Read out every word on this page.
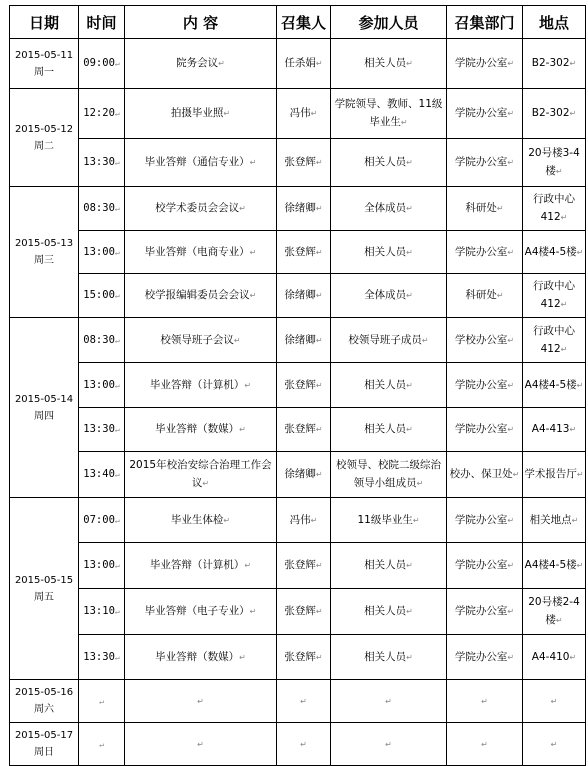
日期	时间	内 容	召集人	参加人员	召集部门	地点

2015-05-11
周一	09:00↵	院务会议↵	任杀娟↵	相关人员↵	学院办公室↵	B2-302↵

2015-05-12
周二	12:20↵	拍摄毕业照↵	冯伟↵	学院领导、教师、11级毕业生↵	学院办公室↵	B2-302↵
	13:30↵	毕业答辩（通信专业）↵	张登辉↵	相关人员↵	学院办公室↵	20号楼3-4楼↵

2015-05-13
周三	08:30↵	校学术委员会会议↵	徐绪卿↵	全体成员↵	科研处↵	行政中心412↵
	13:00↵	毕业答辩（电商专业）↵	张登辉↵	相关人员↵	学院办公室↵	A4楼4-5楼↵
	15:00↵	校学报编辑委员会会议↵	徐绪卿↵	全体成员↵	科研处↵	行政中心412↵

2015-05-14
周四	08:30↵	校领导班子会议↵	徐绪卿↵	校领导班子成员↵	学校办公室↵	行政中心412↵
	13:00↵	毕业答辩（计算机）↵	张登辉↵	相关人员↵	学院办公室↵	A4楼4-5楼↵
	13:30↵	毕业答辩（数媒）↵	张登辉↵	相关人员↵	学院办公室↵	A4-413↵
	13:40↵	2015年校治安综合治理工作会议↵	徐绪卿↵	校领导、校院二级综治领导小组成员↵	校办、保卫处↵	学术报告厅↵

2015-05-15
周五	07:00↵	毕业生体检↵	冯伟↵	11级毕业生↵	学院办公室↵	相关地点↵
	13:00↵	毕业答辩（计算机）↵	张登辉↵	相关人员↵	学院办公室↵	A4楼4-5楼↵
	13:10↵	毕业答辩（电子专业）↵	张登辉↵	相关人员↵	学院办公室↵	20号楼2-4楼↵
	13:30↵	毕业答辩（数媒）↵	张登辉↵	相关人员↵	学院办公室↵	A4-410↵

2015-05-16
周六	↵	↵	↵	↵	↵	↵

2015-05-17
周日	↵	↵	↵	↵	↵	↵
